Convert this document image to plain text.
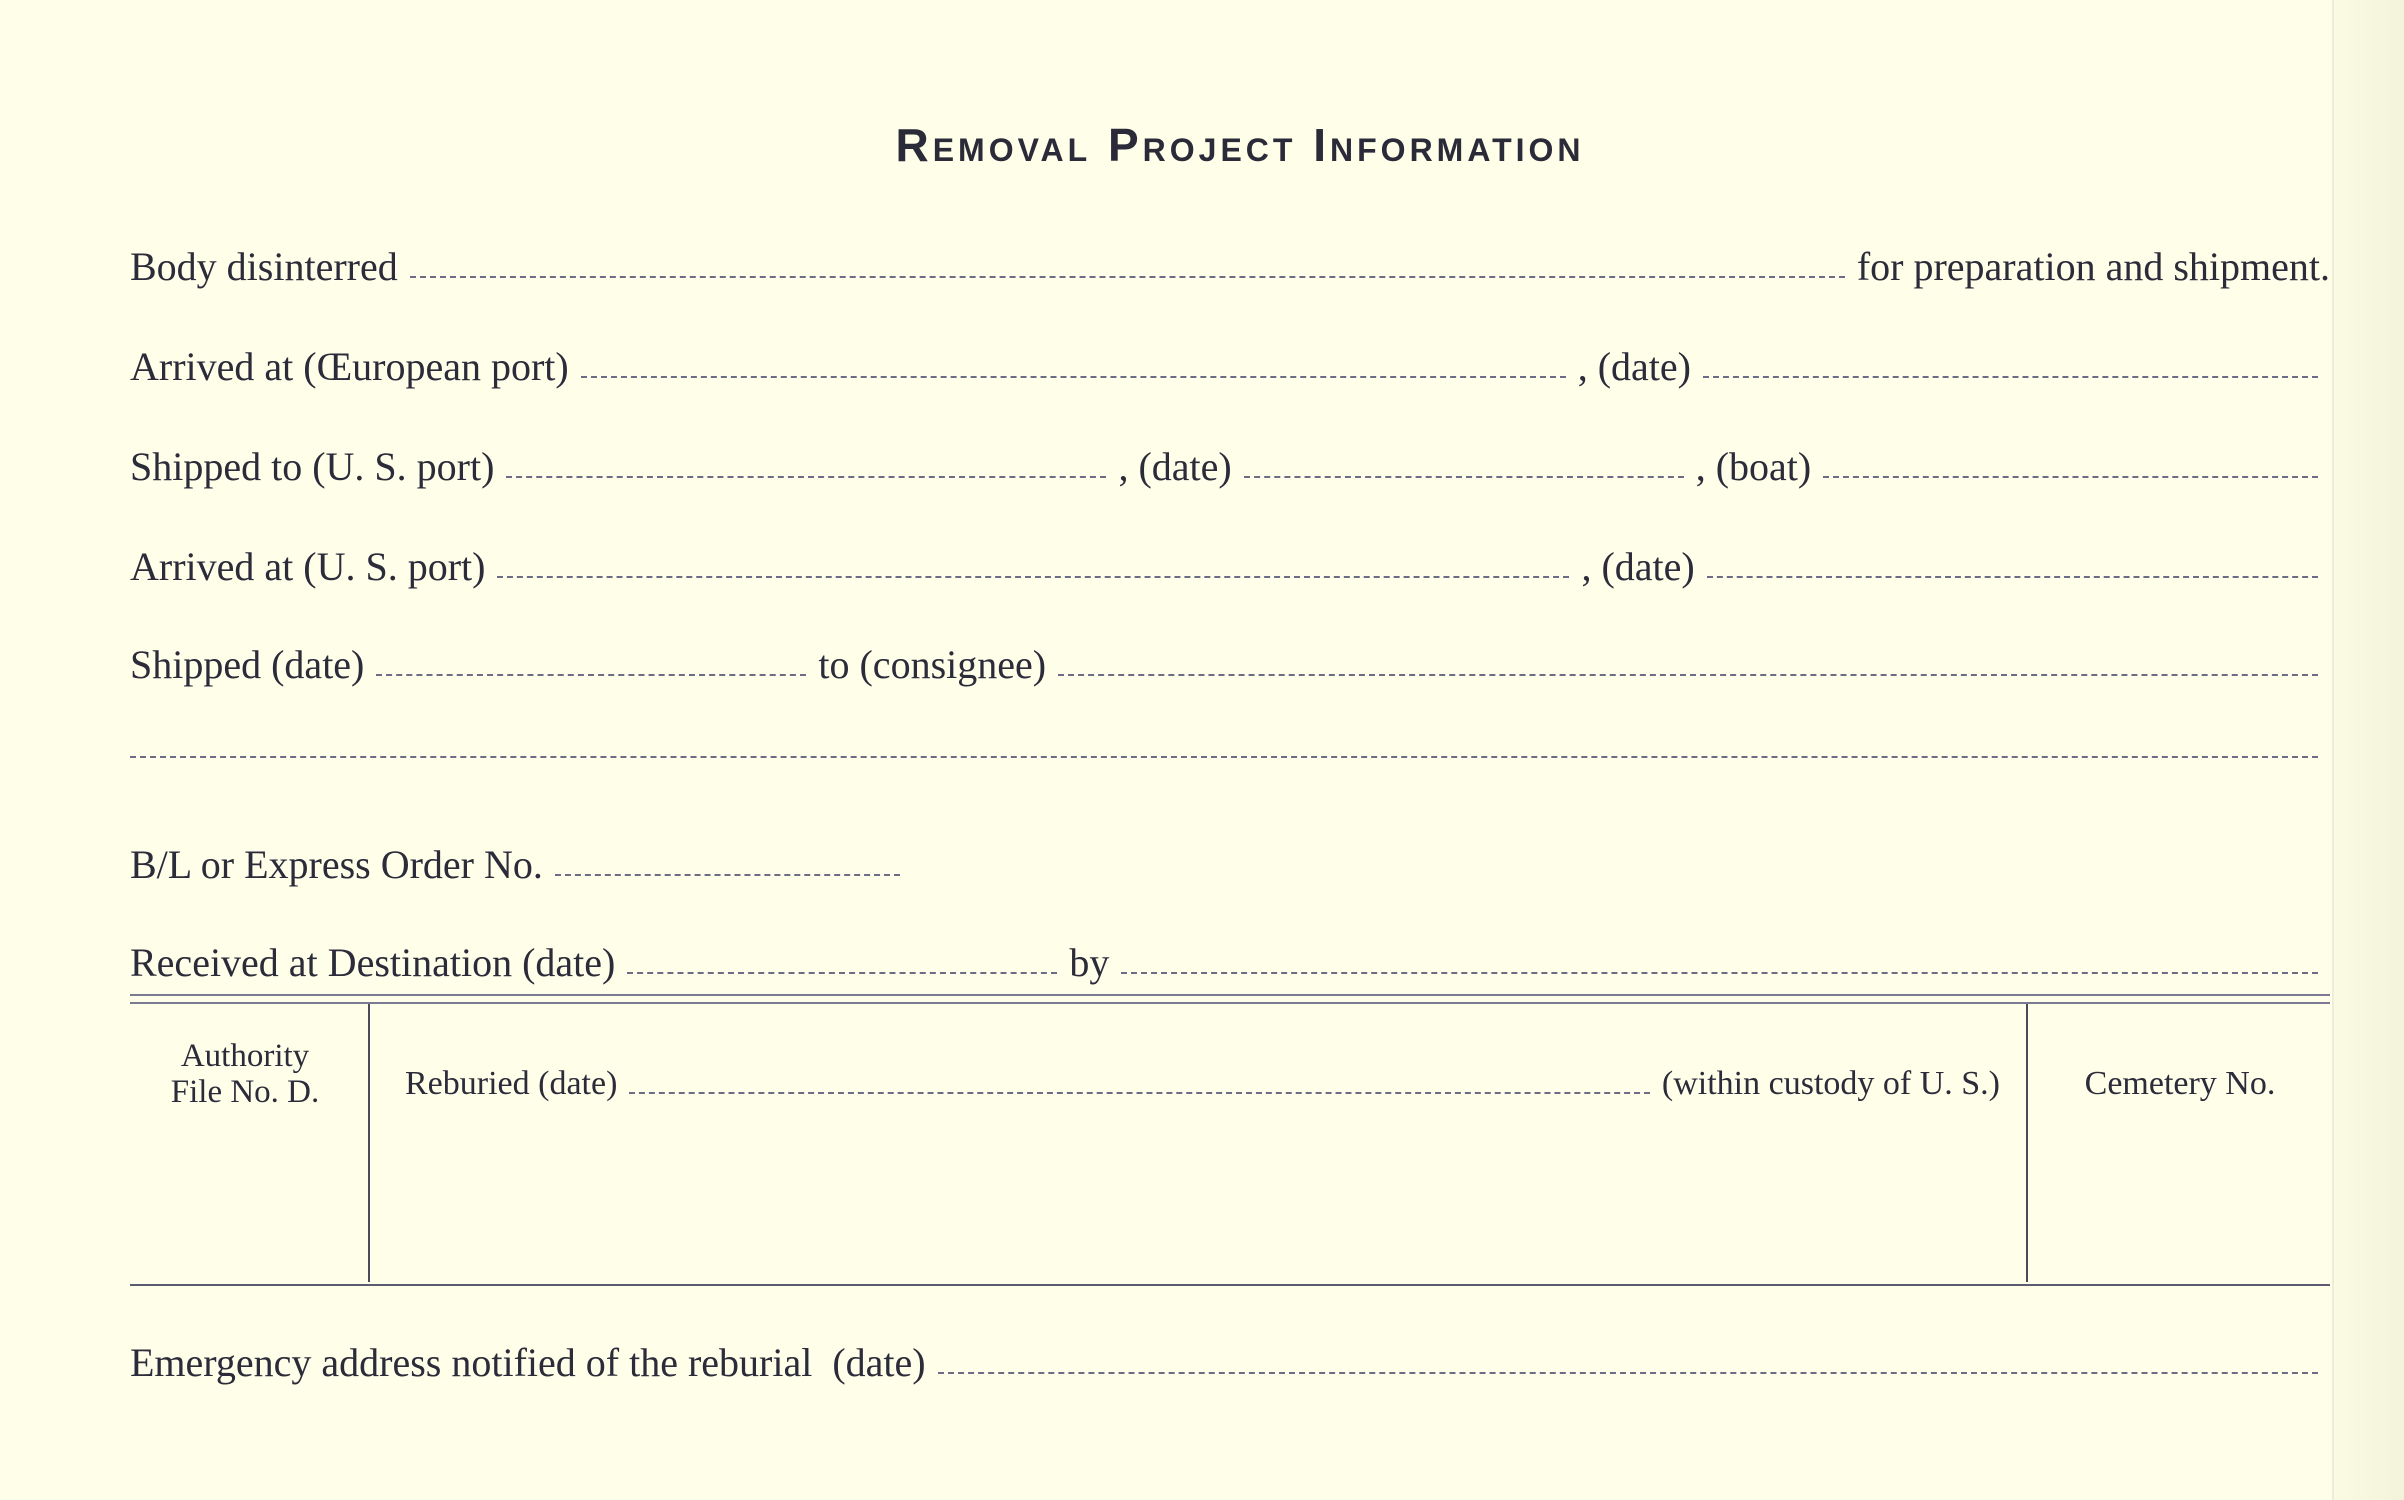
Removal Project Information
Body disinterred	for preparation and shipment.
Arrived at (Œuropean port)	, (date)
Shipped to (U. S. port)	, (date)	, (boat)
Arrived at (U. S. port)	, (date)
Shipped (date)	to (consignee)
B/L or Express Order No.
Received at Destination (date)	by
Authority
File No. D.	Reburied (date)	(within custody of U. S.)	Cemetery No.
Emergency address notified of the reburial  (date)
